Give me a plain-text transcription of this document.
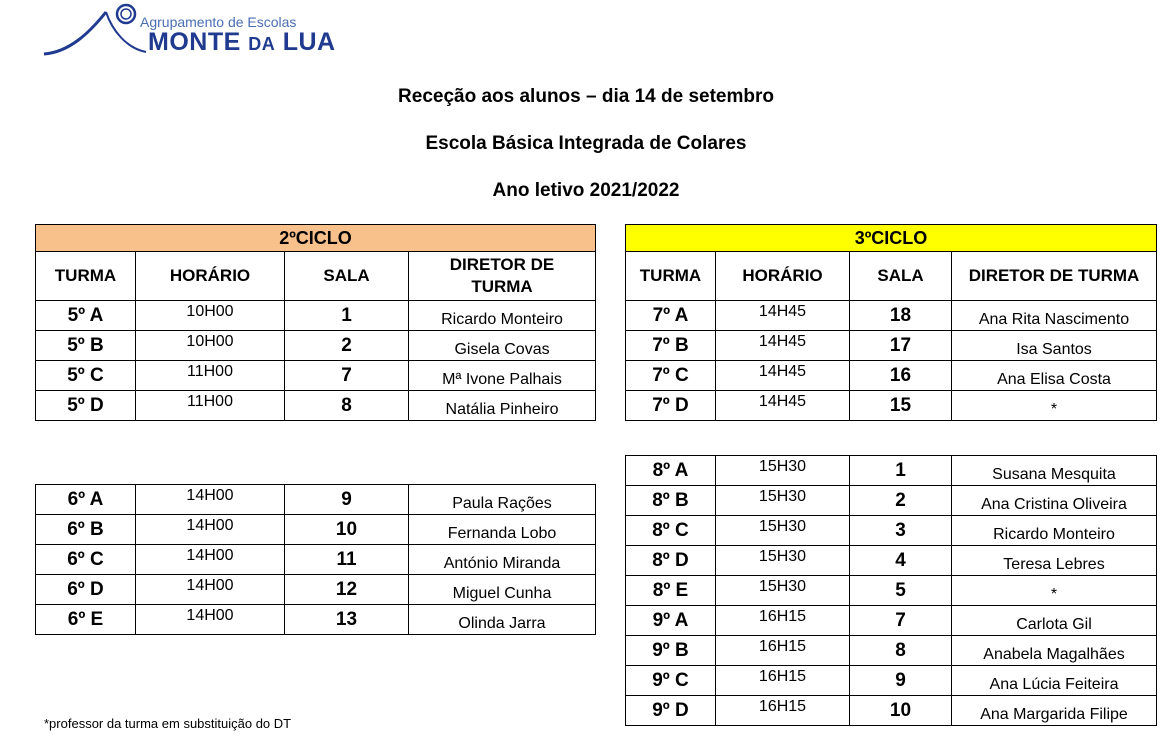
Agrupamento de Escolas
MONTE DA LUA
Receção aos alunos – dia 14 de setembro
Escola Básica Integrada de Colares
Ano letivo 2021/2022
2ºCICLO			
TURMA	HORÁRIO	SALA	DIRETOR DE TURMA
5º A	10H00	1	Ricardo Monteiro
5º B	10H00	2	Gisela Covas
5º C	11H00	7	Mª Ivone Palhais
5º D	11H00	8	Natália Pinheiro
6º A	14H00	9	Paula Rações
6º B	14H00	10	Fernanda Lobo
6º C	14H00	11	António Miranda
6º D	14H00	12	Miguel Cunha
6º E	14H00	13	Olinda Jarra
3ºCICLO			
TURMA	HORÁRIO	SALA	DIRETOR DE TURMA
7º A	14H45	18	Ana Rita Nascimento
7º B	14H45	17	Isa Santos
7º C	14H45	16	Ana Elisa Costa
7º D	14H45	15	*
8º A	15H30	1	Susana Mesquita
8º B	15H30	2	Ana Cristina Oliveira
8º C	15H30	3	Ricardo Monteiro
8º D	15H30	4	Teresa Lebres
8º E	15H30	5	*
9º A	16H15	7	Carlota Gil
9º B	16H15	8	Anabela Magalhães
9º C	16H15	9	Ana Lúcia Feiteira
9º D	16H15	10	Ana Margarida Filipe
*professor da turma em substituição do DT
